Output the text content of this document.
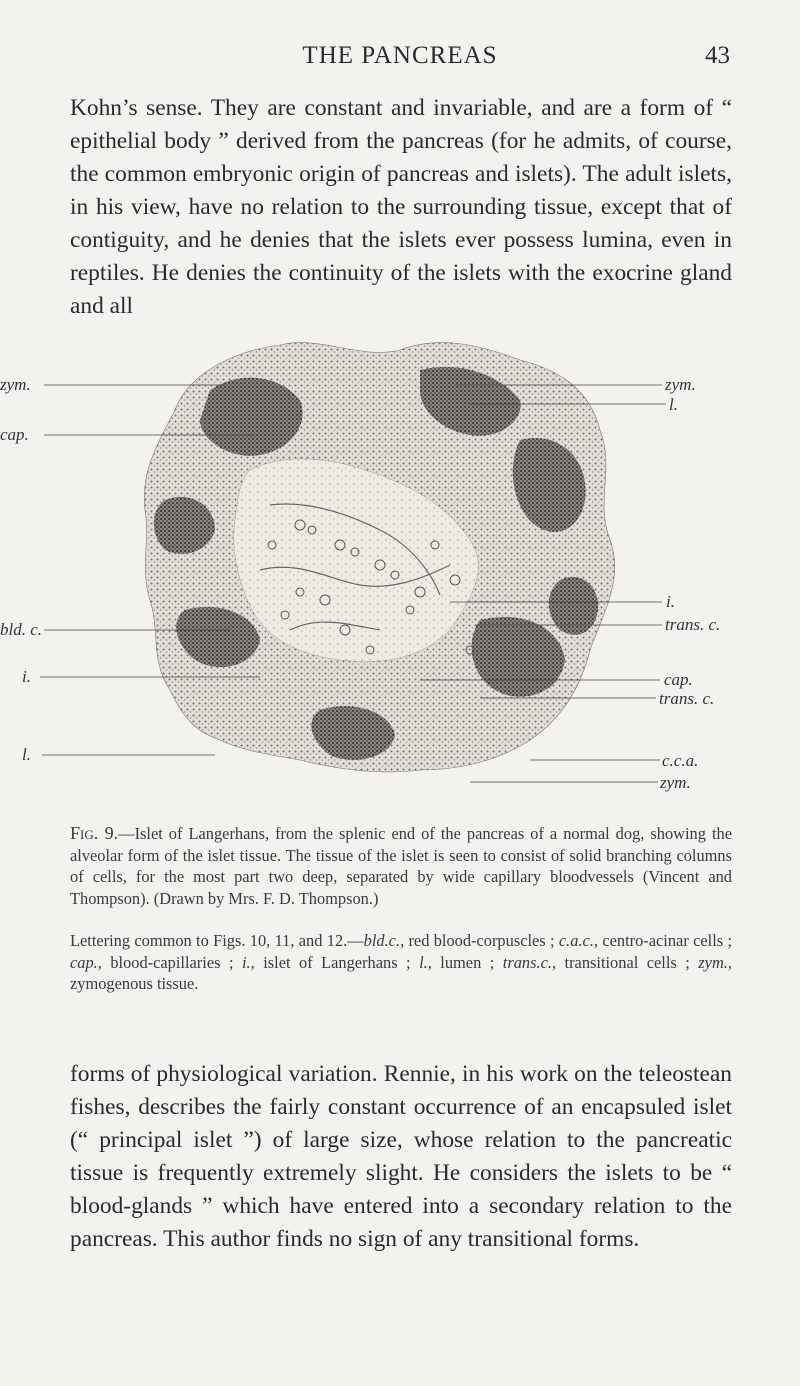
THE PANCREAS	43

Kohn’s sense. They are constant and invariable, and are a form of “ epithelial body ” derived from the pancreas (for he admits, of course, the common embryonic origin of pancreas and islets). The adult islets, in his view, have no relation to the surrounding tissue, except that of contiguity, and he denies that the islets ever possess lumina, even in reptiles. He denies the continuity of the islets with the exocrine gland and all

zym.
cap.
bld. c.
i.
l.
zym.
l.
i.
trans. c.
cap.
trans. c.
c.c.a.
zym.

Fig. 9.—Islet of Langerhans, from the splenic end of the pancreas of a normal dog, showing the alveolar form of the islet tissue. The tissue of the islet is seen to consist of solid branching columns of cells, for the most part two deep, separated by wide capillary bloodvessels (Vincent and Thompson). (Drawn by Mrs. F. D. Thompson.)

Lettering common to Figs. 10, 11, and 12.—bld.c., red blood-corpuscles ; c.a.c., centro-acinar cells ; cap., blood-capillaries ; i., islet of Langerhans ; l., lumen ; trans.c., transitional cells ; zym., zymogenous tissue.

forms of physiological variation. Rennie, in his work on the teleostean fishes, describes the fairly constant occurrence of an encapsuled islet (“ principal islet ”) of large size, whose relation to the pancreatic tissue is frequently extremely slight. He considers the islets to be “ blood-glands ” which have entered into a secondary relation to the pancreas. This author finds no sign of any transitional forms.
